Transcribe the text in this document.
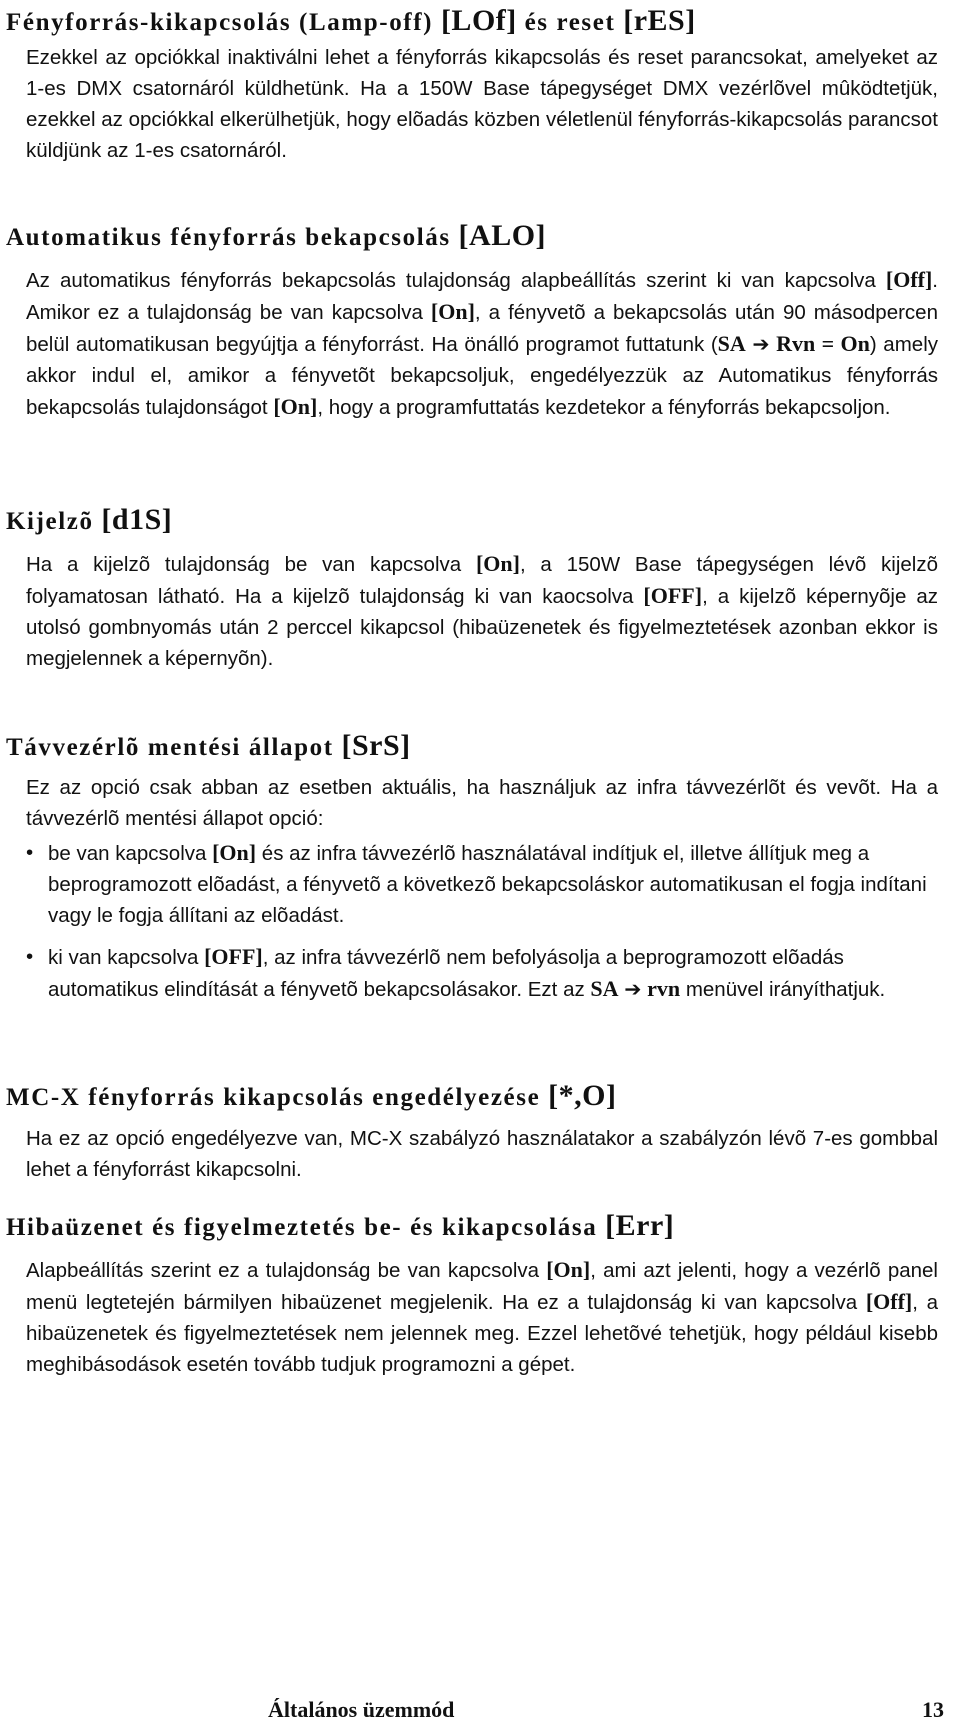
Fényforrás-kikapcsolás (Lamp-off) [LOf] és reset [rES]

Ezekkel az opciókkal inaktiválni lehet a fényforrás kikapcsolás és reset parancsokat, amelyeket az 1-es DMX csatornáról küldhetünk. Ha a 150W Base tápegységet DMX vezérlõvel mûködtetjük, ezekkel az opciókkal elkerülhetjük, hogy elõadás közben véletlenül fényforrás-kikapcsolás parancsot küldjünk az 1-es csatornáról.

Automatikus fényforrás bekapcsolás [ALO]

Az automatikus fényforrás bekapcsolás tulajdonság alapbeállítás szerint ki van kapcsolva [Off]. Amikor ez a tulajdonság be van kapcsolva [On], a fényvetõ a bekapcsolás után 90 másodpercen belül automatikusan begyújtja a fényforrást. Ha önálló programot futtatunk (SA ➔ Rvn = On) amely akkor indul el, amikor a fényvetõt bekapcsoljuk, engedélyezzük az Automatikus fényforrás bekapcsolás tulajdonságot [On], hogy a programfuttatás kezdetekor a fényforrás bekapcsoljon.

Kijelzõ [d1S]

Ha a kijelzõ tulajdonság be van kapcsolva [On], a 150W Base tápegységen lévõ kijelzõ folyamatosan látható. Ha a kijelzõ tulajdonság ki van kaocsolva [OFF], a kijelzõ képernyõje az utolsó gombnyomás után 2 perccel kikapcsol (hibaüzenetek és figyelmeztetések azonban ekkor is megjelennek a képernyõn).

Távvezérlõ mentési állapot [SrS]

Ez az opció csak abban az esetben aktuális, ha használjuk az infra távvezérlõt és vevõt. Ha a távvezérlõ mentési állapot opció:

• be van kapcsolva [On] és az infra távvezérlõ használatával indítjuk el, illetve állítjuk meg a beprogramozott elõadást, a fényvetõ a következõ bekapcsoláskor automatikusan el fogja indítani vagy le fogja állítani az elõadást.
• ki van kapcsolva [OFF], az infra távvezérlõ nem befolyásolja a beprogramozott elõadás automatikus elindítását a fényvetõ bekapcsolásakor. Ezt az SA ➔ rvn menüvel irányíthatjuk.
MC-X fényforrás kikapcsolás engedélyezése [*,O]

Ha ez az opció engedélyezve van, MC-X szabályzó használatakor a szabályzón lévõ 7-es gombbal lehet a fényforrást kikapcsolni.

Hibaüzenet és figyelmeztetés be- és kikapcsolása [Err]

Alapbeállítás szerint ez a tulajdonság be van kapcsolva [On], ami azt jelenti, hogy a vezérlõ panel menü legtetején bármilyen hibaüzenet megjelenik. Ha ez a tulajdonság ki van kapcsolva [Off], a hibaüzenetek és figyelmeztetések nem jelennek meg. Ezzel lehetõvé tehetjük, hogy például kisebb meghibásodások esetén tovább tudjuk programozni a gépet.

Általános üzemmód	13
